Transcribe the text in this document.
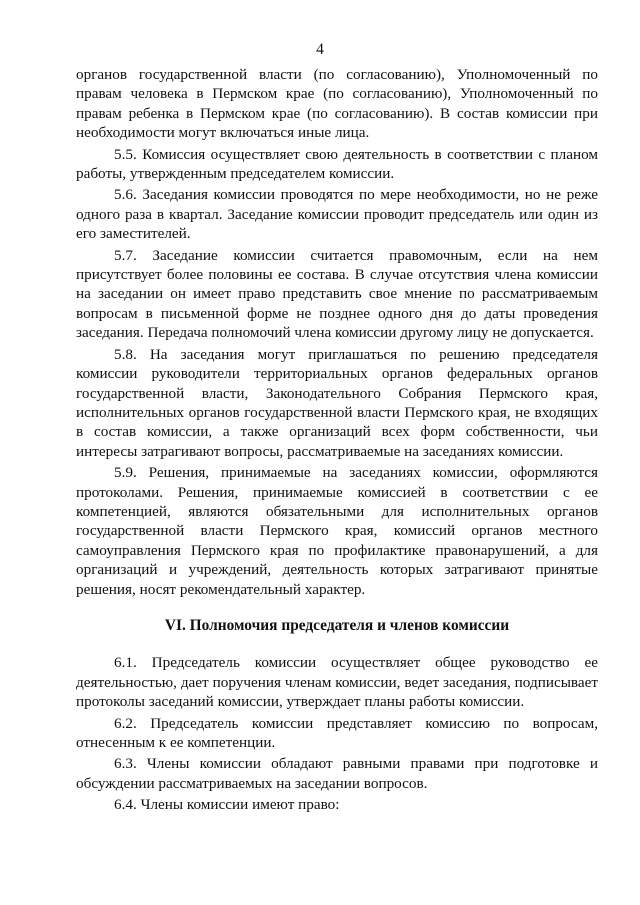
4

органов государственной власти (по согласованию), Уполномоченный по правам человека в Пермском крае (по согласованию), Уполномоченный по правам ребенка в Пермском крае (по согласованию). В состав комиссии при необходимости могут включаться иные лица.

5.5. Комиссия осуществляет свою деятельность в соответствии с планом работы, утвержденным председателем комиссии.

5.6. Заседания комиссии проводятся по мере необходимости, но не реже одного раза в квартал. Заседание комиссии проводит председатель или один из его заместителей.

5.7. Заседание комиссии считается правомочным, если на нем присутствует более половины ее состава. В случае отсутствия члена комиссии на заседании он имеет право представить свое мнение по рассматриваемым вопросам в письменной форме не позднее одного дня до даты проведения заседания. Передача полномочий члена комиссии другому лицу не допускается.

5.8. На заседания могут приглашаться по решению председателя комиссии руководители территориальных органов федеральных органов государственной власти, Законодательного Собрания Пермского края, исполнительных органов государственной власти Пермского края, не входящих в состав комиссии, а также организаций всех форм собственности, чьи интересы затрагивают вопросы, рассматриваемые на заседаниях комиссии.

5.9. Решения, принимаемые на заседаниях комиссии, оформляются протоколами. Решения, принимаемые комиссией в соответствии с ее компетенцией, являются обязательными для исполнительных органов государственной власти Пермского края, комиссий органов местного самоуправления Пермского края по профилактике правонарушений, а для организаций и учреждений, деятельность которых затрагивают принятые решения, носят рекомендательный характер.

VI. Полномочия председателя и членов комиссии

6.1. Председатель комиссии осуществляет общее руководство ее деятельностью, дает поручения членам комиссии, ведет заседания, подписывает протоколы заседаний комиссии, утверждает планы работы комиссии.

6.2. Председатель комиссии представляет комиссию по вопросам, отнесенным к ее компетенции.

6.3. Члены комиссии обладают равными правами при подготовке и обсуждении рассматриваемых на заседании вопросов.

6.4. Члены комиссии имеют право:
